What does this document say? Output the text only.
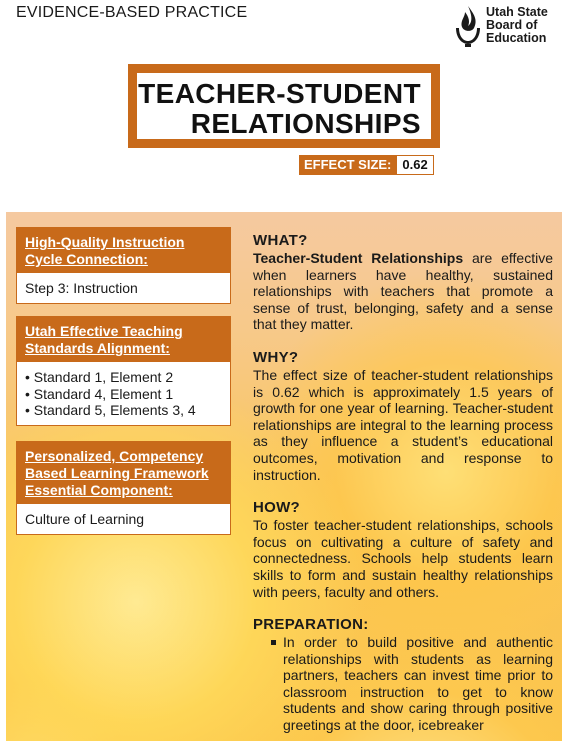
EVIDENCE-BASED PRACTICE	Utah State
Board of
Education
TEACHER-STUDENT
RELATIONSHIPS
EFFECT SIZE: 0.62
High-Quality Instruction
Cycle Connection:
Step 3: Instruction
Utah Effective Teaching
Standards Alignment:
• Standard 1, Element 2
• Standard 4, Element 1
• Standard 5, Elements 3, 4
Personalized, Competency
Based Learning Framework
Essential Component:
Culture of Learning
WHAT?

Teacher-Student Relationships are effective when learners have healthy, sustained relationships with teachers that promote a sense of trust, belonging, safety and a sense that they matter.

WHY?

The effect size of teacher-student relationships is 0.62 which is approximately 1.5 years of growth for one year of learning. Teacher-student relationships are integral to the learning process as they influence a student’s educational outcomes, motivation and response to instruction.

HOW?

To foster teacher-student relationships, schools focus on cultivating a culture of safety and connectedness. Schools help students learn skills to form and sustain healthy relationships with peers, faculty and others.

PREPARATION:
In order to build positive and authentic relationships with students as learning partners, teachers can invest time prior to classroom instruction to get to know students and show caring through positive greetings at the door, icebreaker
